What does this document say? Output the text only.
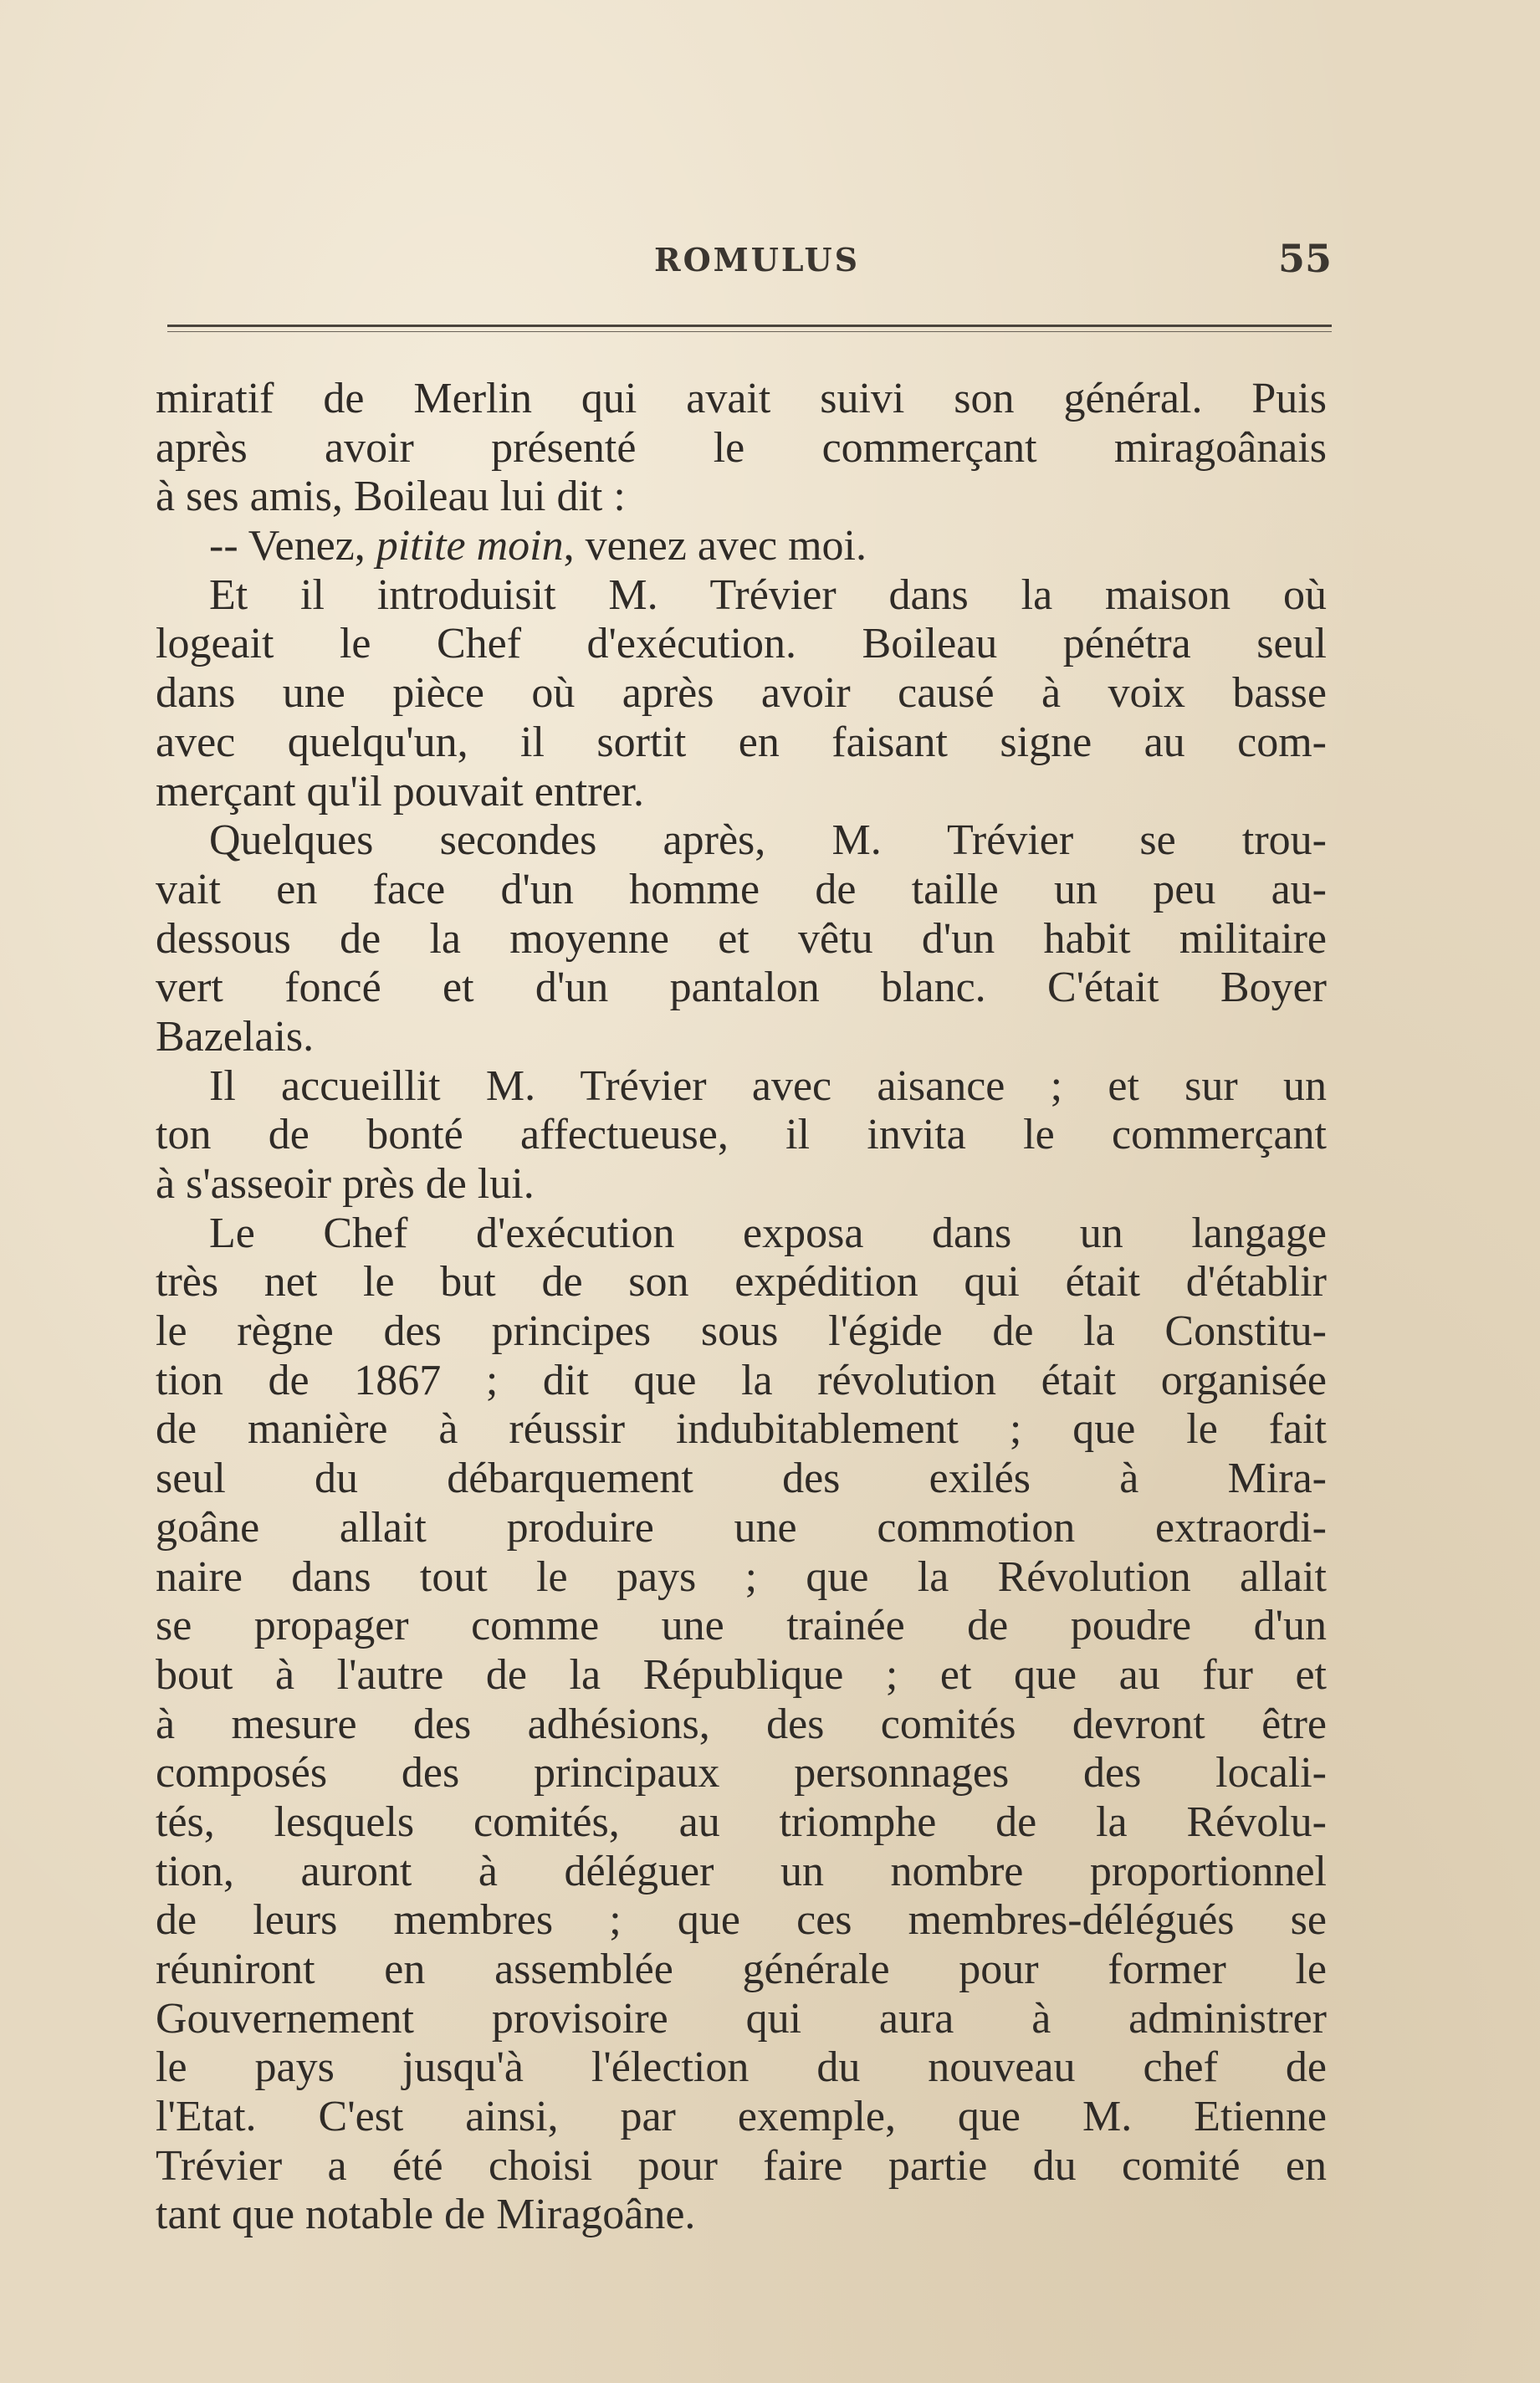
ROMULUS	55
miratif de Merlin qui avait suivi son général. Puis
après avoir présenté le commerçant miragoânais
à ses amis, Boileau lui dit :
-- Venez, pitite moin, venez avec moi.
Et il introduisit M. Trévier dans la maison où
logeait le Chef d'exécution. Boileau pénétra seul
dans une pièce où après avoir causé à voix basse
avec quelqu'un, il sortit en faisant signe au com-
merçant qu'il pouvait entrer.
Quelques secondes après, M. Trévier se trou-
vait en face d'un homme de taille un peu au-
dessous de la moyenne et vêtu d'un habit militaire
vert foncé et d'un pantalon blanc. C'était Boyer
Bazelais.
Il accueillit M. Trévier avec aisance ; et sur un
ton de bonté affectueuse, il invita le commerçant
à s'asseoir près de lui.
Le Chef d'exécution exposa dans un langage
très net le but de son expédition qui était d'établir
le règne des principes sous l'égide de la Constitu-
tion de 1867 ; dit que la révolution était organisée
de manière à réussir indubitablement ; que le fait
seul du débarquement des exilés à Mira-
goâne allait produire une commotion extraordi-
naire dans tout le pays ; que la Révolution allait
se propager comme une trainée de poudre d'un
bout à l'autre de la République ; et que au fur et
à mesure des adhésions, des comités devront être
composés des principaux personnages des locali-
tés, lesquels comités, au triomphe de la Révolu-
tion, auront à déléguer un nombre proportionnel
de leurs membres ; que ces membres-délégués se
réuniront en assemblée générale pour former le
Gouvernement provisoire qui aura à administrer
le pays jusqu'à l'élection du nouveau chef de
l'Etat. C'est ainsi, par exemple, que M. Etienne
Trévier a été choisi pour faire partie du comité en
tant que notable de Miragoâne.
